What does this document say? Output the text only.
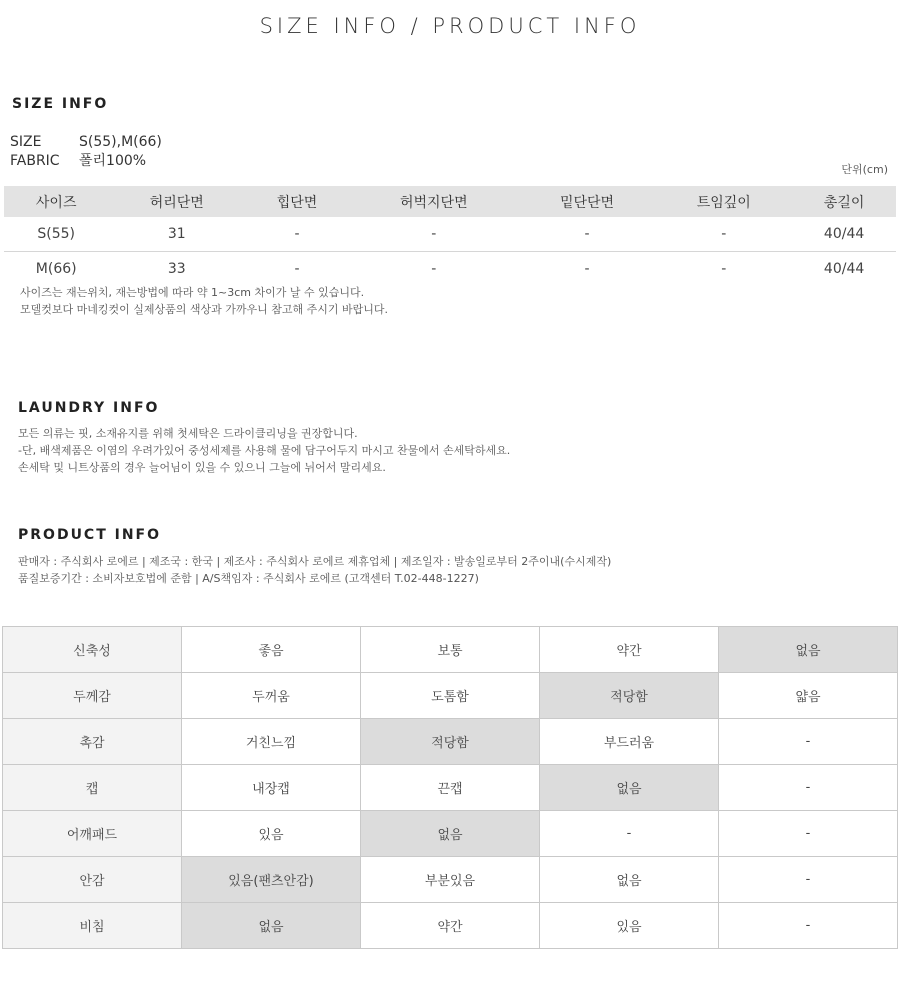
SIZE INFO / PRODUCT INFO
SIZE INFO
SIZE	S(55),M(66)
FABRIC 폴리100%
단위(cm)
사이즈	허리단면	힙단면	허벅지단면	밑단단면	트임깊이	총길이
S(55)	31	-	-	-	-	40/44
M(66)	33	-	-	-	-	40/44
사이즈는 재는위치, 재는방법에 따라 약 1~3cm 차이가 날 수 있습니다.
모델컷보다 마네킹컷이 실제상품의 색상과 가까우니 참고해 주시기 바랍니다.
LAUNDRY INFO
모든 의류는 핏, 소재유지를 위해 첫세탁은 드라이클리닝을 권장합니다.
-단, 배색제품은 이염의 우려가있어 중성세제를 사용해 물에 담구어두지 마시고 찬물에서 손세탁하세요.
손세탁 및 니트상품의 경우 늘어님이 있을 수 있으니 그늘에 뉘어서 말리세요.
PRODUCT INFO
판매자 : 주식회사 로에르 | 제조국 : 한국 | 제조사 : 주식회사 로에르 제휴업체 | 제조일자 : 발송일로부터 2주이내(수시제작)
품질보증기간 : 소비자보호법에 준함 | A/S책임자 : 주식회사 로에르 (고객센터 T.02-448-1227)
신축성	좋음	보통	약간	없음
두께감	두꺼움	도톰함	적당함	얇음
촉감	거친느낌	적당함	부드러움	-
캡	내장캡	끈캡	없음	-
어깨패드	있음	없음	-	-
안감	있음(팬츠안감)	부분있음	없음	-
비침	없음	약간	있음	-
